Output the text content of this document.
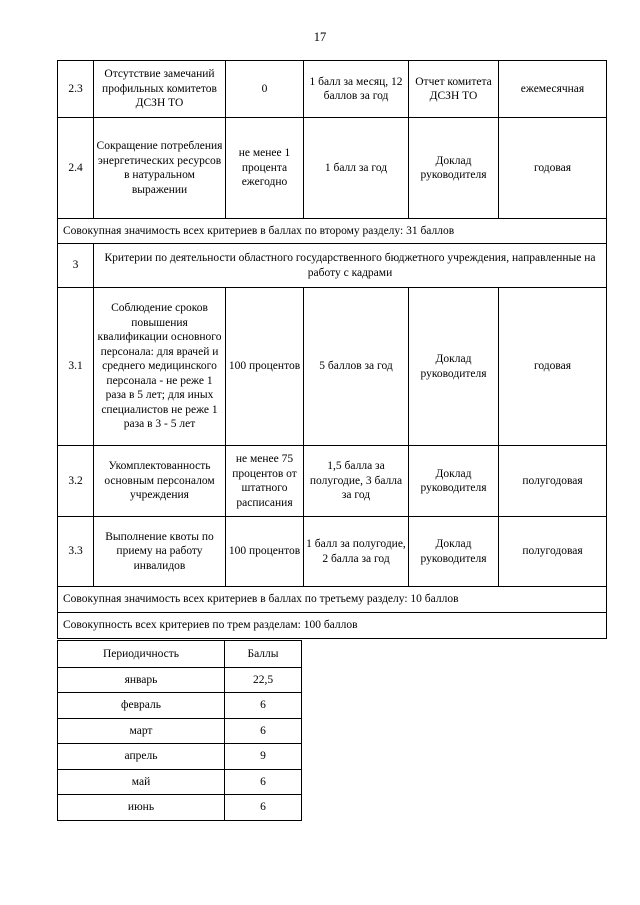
17
2.3	Отсутствие замечаний профильных комитетов ДСЗН ТО	0	1 балл за месяц, 12 баллов за год	Отчет комитета ДСЗН ТО	ежемесячная
2.4	Сокращение потребления энергетических ресурсов в натуральном выражении	не менее 1 процента ежегодно	1 балл за год	Доклад руководителя	годовая
Совокупная значимость всех критериев в баллах по второму разделу: 31 баллов					
3	Критерии по деятельности областного государственного бюджетного учреждения, направленные на работу с кадрами				
3.1	Соблюдение сроков повышения квалификации основного персонала: для врачей и среднего медицинского персонала - не реже 1 раза в 5 лет; для иных специалистов не реже 1 раза в 3 - 5 лет	100 процентов	5 баллов за год	Доклад руководителя	годовая
3.2	Укомплектованность основным персоналом учреждения	не менее 75 процентов от штатного расписания	1,5 балла за полугодие, 3 балла за год	Доклад руководителя	полугодовая
3.3	Выполнение квоты по приему на работу инвалидов	100 процентов	1 балл за полугодие, 2 балла за год	Доклад руководителя	полугодовая
Совокупная значимость всех критериев в баллах по третьему разделу: 10 баллов					
Совокупность всех критериев по трем разделам: 100 баллов					
Периодичность	Баллы
январь	22,5
февраль	6
март	6
апрель	9
май	6
июнь	6
